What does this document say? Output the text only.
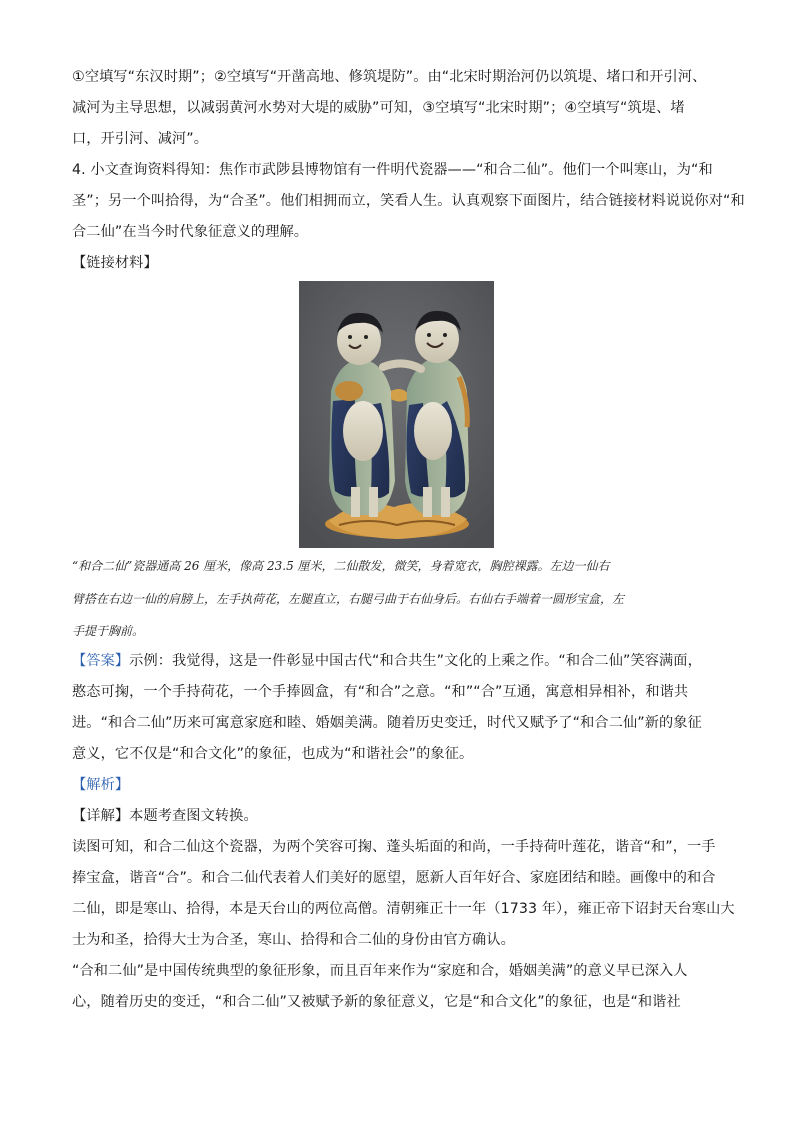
①空填写“东汉时期”；②空填写“开凿高地、修筑堤防”。由“北宋时期治河仍以筑堤、堵口和开引河、
减河为主导思想，以减弱黄河水势对大堤的威胁”可知，③空填写“北宋时期”；④空填写“筑堤、堵
口，开引河、减河”。
4. 小文查询资料得知：焦作市武陟县博物馆有一件明代瓷器——“和合二仙”。他们一个叫寒山，为“和
圣”；另一个叫拾得，为“合圣”。他们相拥而立，笑看人生。认真观察下面图片，结合链接材料说说你对“和
合二仙”在当今时代象征意义的理解。
【链接材料】
“和合二仙”瓷器通高 26 厘米，像高 23.5 厘米，二仙散发，微笑，身着宽衣，胸腔裸露。左边一仙右
臂搭在右边一仙的肩膀上，左手执荷花，左腿直立，右腿弓曲于右仙身后。右仙右手端着一圆形宝盒，左
手提于胸前。
【答案】示例：我觉得，这是一件彰显中国古代“和合共生”文化的上乘之作。“和合二仙”笑容满面，
憨态可掬，一个手持荷花，一个手捧圆盒，有“和合”之意。“和”“合”互通，寓意相异相补，和谐共
进。“和合二仙”历来可寓意家庭和睦、婚姻美满。随着历史变迁，时代又赋予了“和合二仙”新的象征
意义，它不仅是“和合文化”的象征，也成为“和谐社会”的象征。
【解析】
【详解】本题考查图文转换。
读图可知，和合二仙这个瓷器，为两个笑容可掬、蓬头垢面的和尚，一手持荷叶莲花，谐音“和”，一手
捧宝盒，谐音“合”。和合二仙代表着人们美好的愿望，愿新人百年好合、家庭团结和睦。画像中的和合
二仙，即是寒山、拾得，本是天台山的两位高僧。清朝雍正十一年（1733 年），雍正帝下诏封天台寒山大
士为和圣，拾得大士为合圣，寒山、拾得和合二仙的身份由官方确认。
“合和二仙”是中国传统典型的象征形象，而且百年来作为“家庭和合，婚姻美满”的意义早已深入人
心，随着历史的变迁，“和合二仙”又被赋予新的象征意义，它是“和合文化”的象征，也是“和谐社
